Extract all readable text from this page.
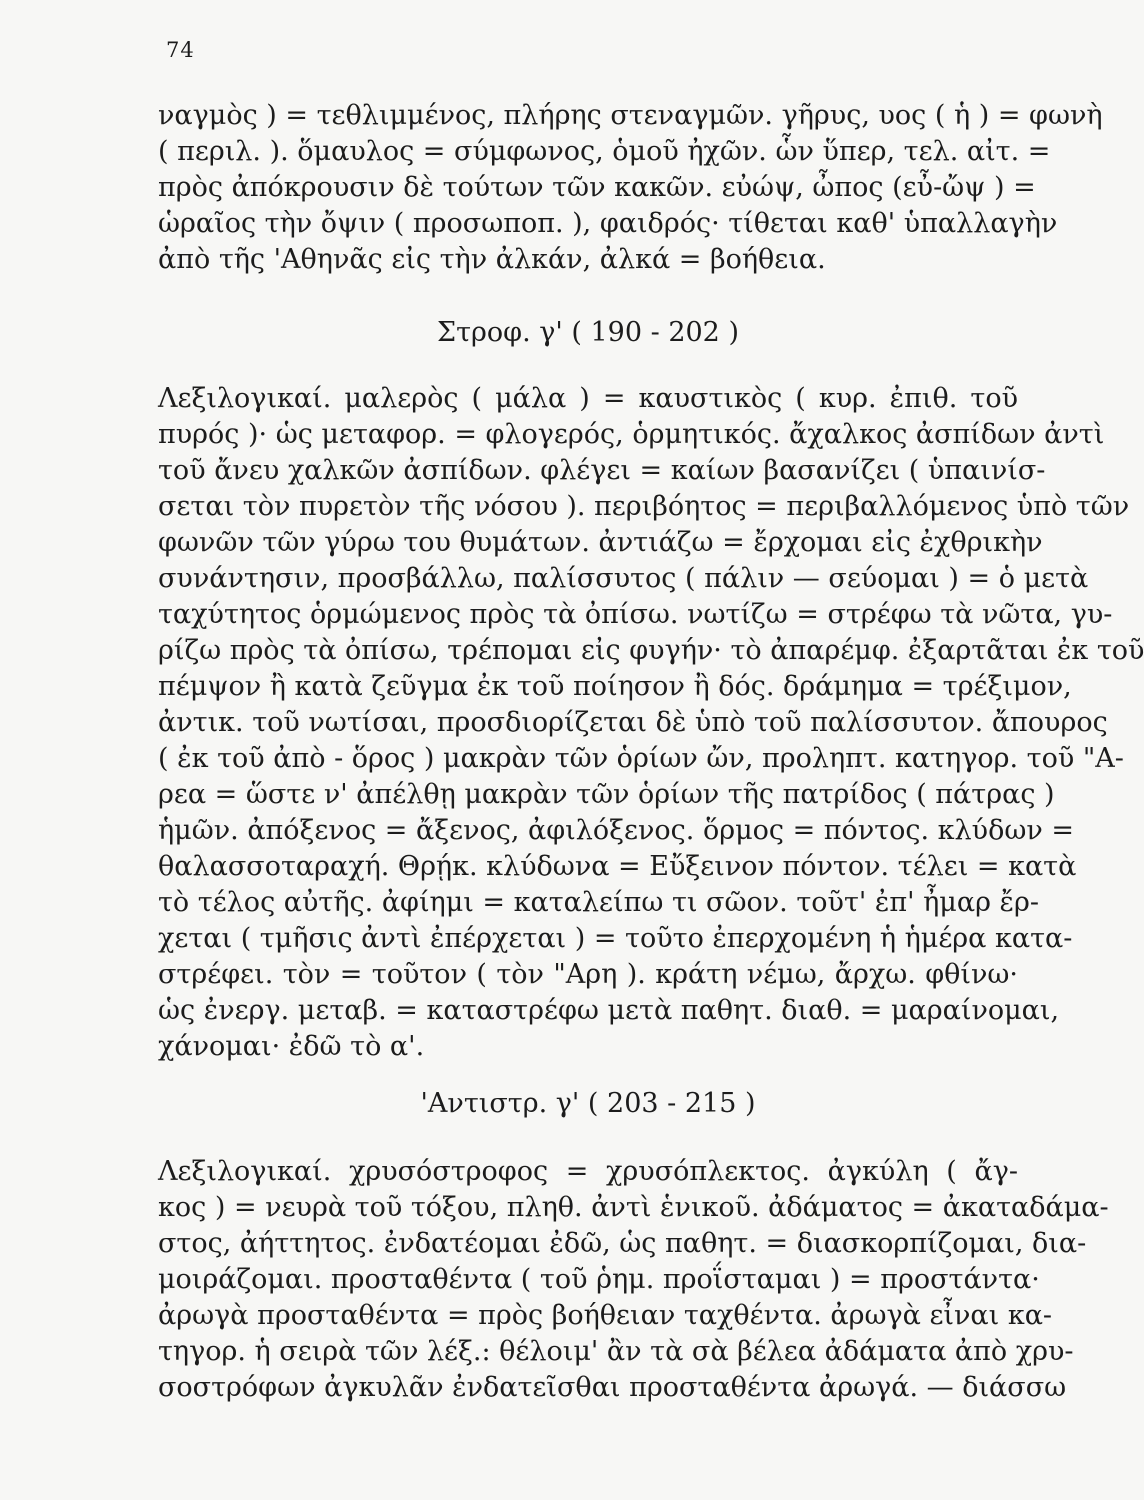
74
ναγμὸς ) = τεθλιμμένος, πλήρης στεναγμῶν. γῆρυς, υος ( ἡ ) = φωνὴ
( περιλ. ). ὅμαυλος = σύμφωνος, ὁμοῦ ἠχῶν. ὧν ὕπερ, τελ. αἰτ. =
πρὸς ἀπόκρουσιν δὲ τούτων τῶν κακῶν. εὐώψ, ὦπος (εὖ-ὤψ ) =
ὡραῖος τὴν ὄψιν ( προσωποπ. ), φαιδρός· τίθεται καθ' ὑπαλλαγὴν
ἀπὸ τῆς 'Αθηνᾶς εἰς τὴν ἀλκάν, ἀλκά = βοήθεια.
Στροφ. γ' ( 190 - 202 )
Λεξιλογικαί. μαλερὸς ( μάλα ) = καυστικὸς ( κυρ. ἐπιθ. τοῦ
πυρός )· ὡς μεταφορ. = φλογερός, ὁρμητικός. ἄχαλκος ἀσπίδων ἀντὶ
τοῦ ἄνευ χαλκῶν ἀσπίδων. φλέγει = καίων βασανίζει ( ὑπαινίσ-
σεται τὸν πυρετὸν τῆς νόσου ). περιβόητος = περιβαλλόμενος ὑπὸ τῶν
φωνῶν τῶν γύρω του θυμάτων. ἀντιάζω = ἔρχομαι εἰς ἐχθρικὴν
συνάντησιν, προσβάλλω, παλίσσυτος ( πάλιν — σεύομαι ) = ὁ μετὰ
ταχύτητος ὁρμώμενος πρὸς τὰ ὀπίσω. νωτίζω = στρέφω τὰ νῶτα, γυ-
ρίζω πρὸς τὰ ὀπίσω, τρέπομαι εἰς φυγήν· τὸ ἀπαρέμφ. ἐξαρτᾶται ἐκ τοῦ
πέμψον ἢ κατὰ ζεῦγμα ἐκ τοῦ ποίησον ἢ δός. δράμημα = τρέξιμον,
ἀντικ. τοῦ νωτίσαι, προσδιορίζεται δὲ ὑπὸ τοῦ παλίσσυτον. ἄπουρος
( ἐκ τοῦ ἀπὸ - ὅρος ) μακρὰν τῶν ὁρίων ὤν, προληπτ. κατηγορ. τοῦ "Α-
ρεα = ὥστε ν' ἀπέλθῃ μακρὰν τῶν ὁρίων τῆς πατρίδος ( πάτρας )
ἡμῶν. ἀπόξενος = ἄξενος, ἀφιλόξενος. ὅρμος = πόντος. κλύδων =
θαλασσοταραχή. Θρῄκ. κλύδωνα = Εὔξεινον πόντον. τέλει = κατὰ
τὸ τέλος αὐτῆς. ἀφίημι = καταλείπω τι σῶον. τοῦτ' ἐπ' ἦμαρ ἔρ-
χεται ( τμῆσις ἀντὶ ἐπέρχεται ) = τοῦτο ἐπερχομένη ἡ ἡμέρα κατα-
στρέφει. τὸν = τοῦτον ( τὸν "Αρη ). κράτη νέμω, ἄρχω. φθίνω·
ὡς ἐνεργ. μεταβ. = καταστρέφω μετὰ παθητ. διαθ. = μαραίνομαι,
χάνομαι· ἐδῶ τὸ α'.
'Αντιστρ. γ' ( 203 - 215 )
Λεξιλογικαί. χρυσόστροφος = χρυσόπλεκτος. ἀγκύλη ( ἄγ-
κος ) = νευρὰ τοῦ τόξου, πληθ. ἀντὶ ἑνικοῦ. ἀδάματος = ἀκαταδάμα-
στος, ἀήττητος. ἐνδατέομαι ἐδῶ, ὡς παθητ. = διασκορπίζομαι, δια-
μοιράζομαι. προσταθέντα ( τοῦ ῥημ. προΐσταμαι ) = προστάντα·
ἀρωγὰ προσταθέντα = πρὸς βοήθειαν ταχθέντα. ἀρωγὰ εἶναι κα-
τηγορ. ἡ σειρὰ τῶν λέξ.: θέλοιμ' ἂν τὰ σὰ βέλεα ἀδάματα ἀπὸ χρυ-
σοστρόφων ἀγκυλᾶν ἐνδατεῖσθαι προσταθέντα ἀρωγά. — διάσσω
